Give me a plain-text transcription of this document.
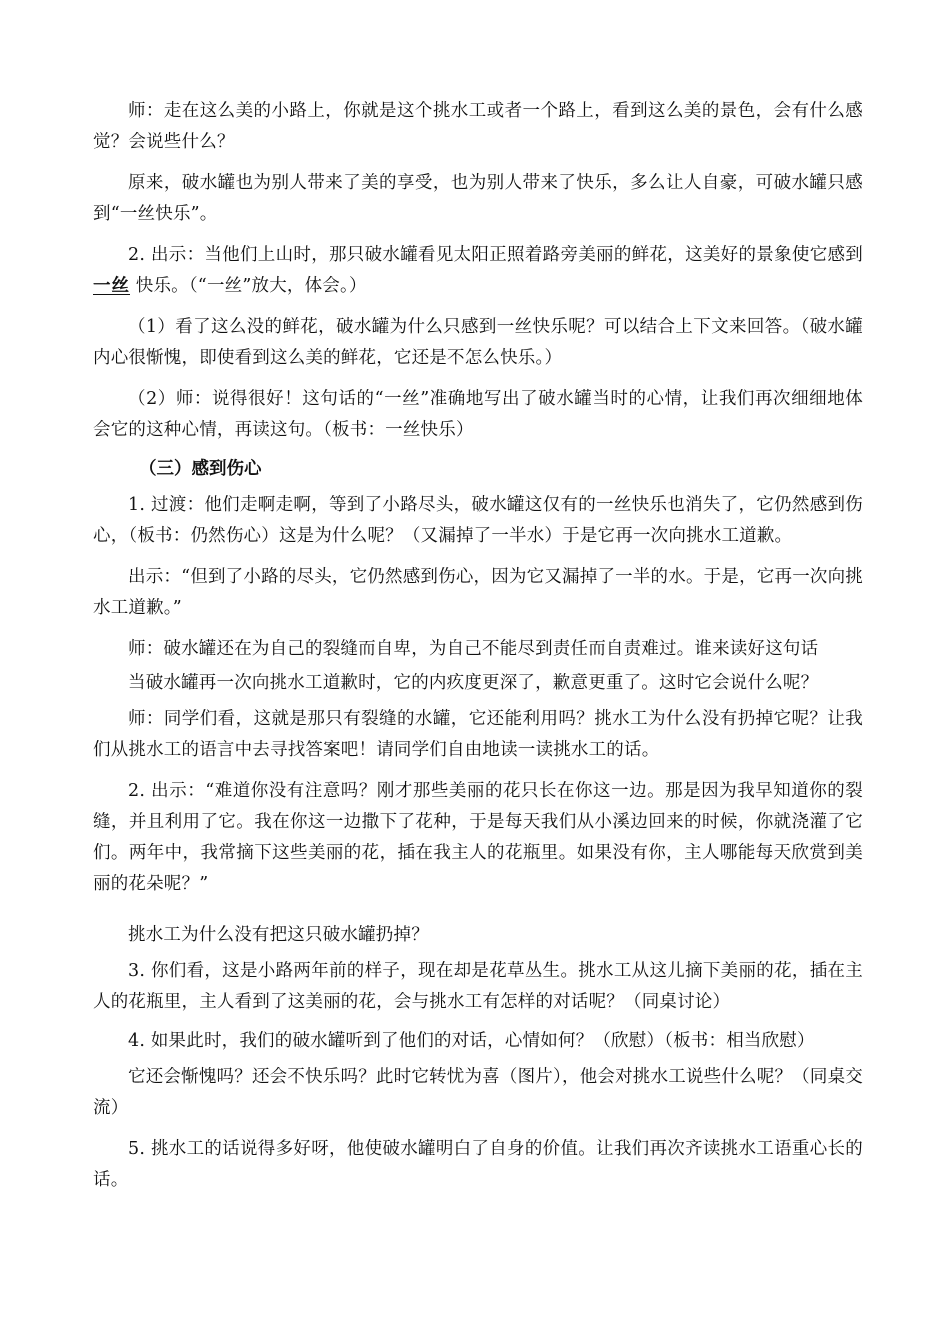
师：走在这么美的小路上，你就是这个挑水工或者一个路上，看到这么美的景色，会有什么感觉？会说些什么？

原来，破水罐也为别人带来了美的享受，也为别人带来了快乐，多么让人自豪，可破水罐只感到“一丝快乐”。

2. 出示：当他们上山时，那只破水罐看见太阳正照着路旁美丽的鲜花，这美好的景象使它感到一丝 快乐。（“一丝”放大，体会。）

（1）看了这么没的鲜花，破水罐为什么只感到一丝快乐呢？可以结合上下文来回答。（破水罐内心很惭愧，即使看到这么美的鲜花，它还是不怎么快乐。）

（2）师：说得很好！这句话的“一丝”准确地写出了破水罐当时的心情，让我们再次细细地体会它的这种心情，再读这句。（板书：一丝快乐）

（三）感到伤心

1. 过渡：他们走啊走啊，等到了小路尽头，破水罐这仅有的一丝快乐也消失了，它仍然感到伤心，（板书：仍然伤心）这是为什么呢？（又漏掉了一半水）于是它再一次向挑水工道歉。

出示：“但到了小路的尽头，它仍然感到伤心，因为它又漏掉了一半的水。于是，它再一次向挑水工道歉。”

师：破水罐还在为自己的裂缝而自卑，为自己不能尽到责任而自责难过。谁来读好这句话

当破水罐再一次向挑水工道歉时，它的内疚度更深了，歉意更重了。这时它会说什么呢？

师：同学们看，这就是那只有裂缝的水罐，它还能利用吗？挑水工为什么没有扔掉它呢？让我们从挑水工的语言中去寻找答案吧！请同学们自由地读一读挑水工的话。

2. 出示：“难道你没有注意吗？刚才那些美丽的花只长在你这一边。那是因为我早知道你的裂缝，并且利用了它。我在你这一边撒下了花种，于是每天我们从小溪边回来的时候，你就浇灌了它们。两年中，我常摘下这些美丽的花，插在我主人的花瓶里。如果没有你，主人哪能每天欣赏到美丽的花朵呢？”

挑水工为什么没有把这只破水罐扔掉？

3. 你们看，这是小路两年前的样子，现在却是花草丛生。挑水工从这儿摘下美丽的花，插在主人的花瓶里，主人看到了这美丽的花，会与挑水工有怎样的对话呢？（同桌讨论）

4. 如果此时，我们的破水罐听到了他们的对话，心情如何？（欣慰）（板书：相当欣慰）

它还会惭愧吗？还会不快乐吗？此时它转忧为喜（图片），他会对挑水工说些什么呢？（同桌交流）

5. 挑水工的话说得多好呀，他使破水罐明白了自身的价值。让我们再次齐读挑水工语重心长的话。
